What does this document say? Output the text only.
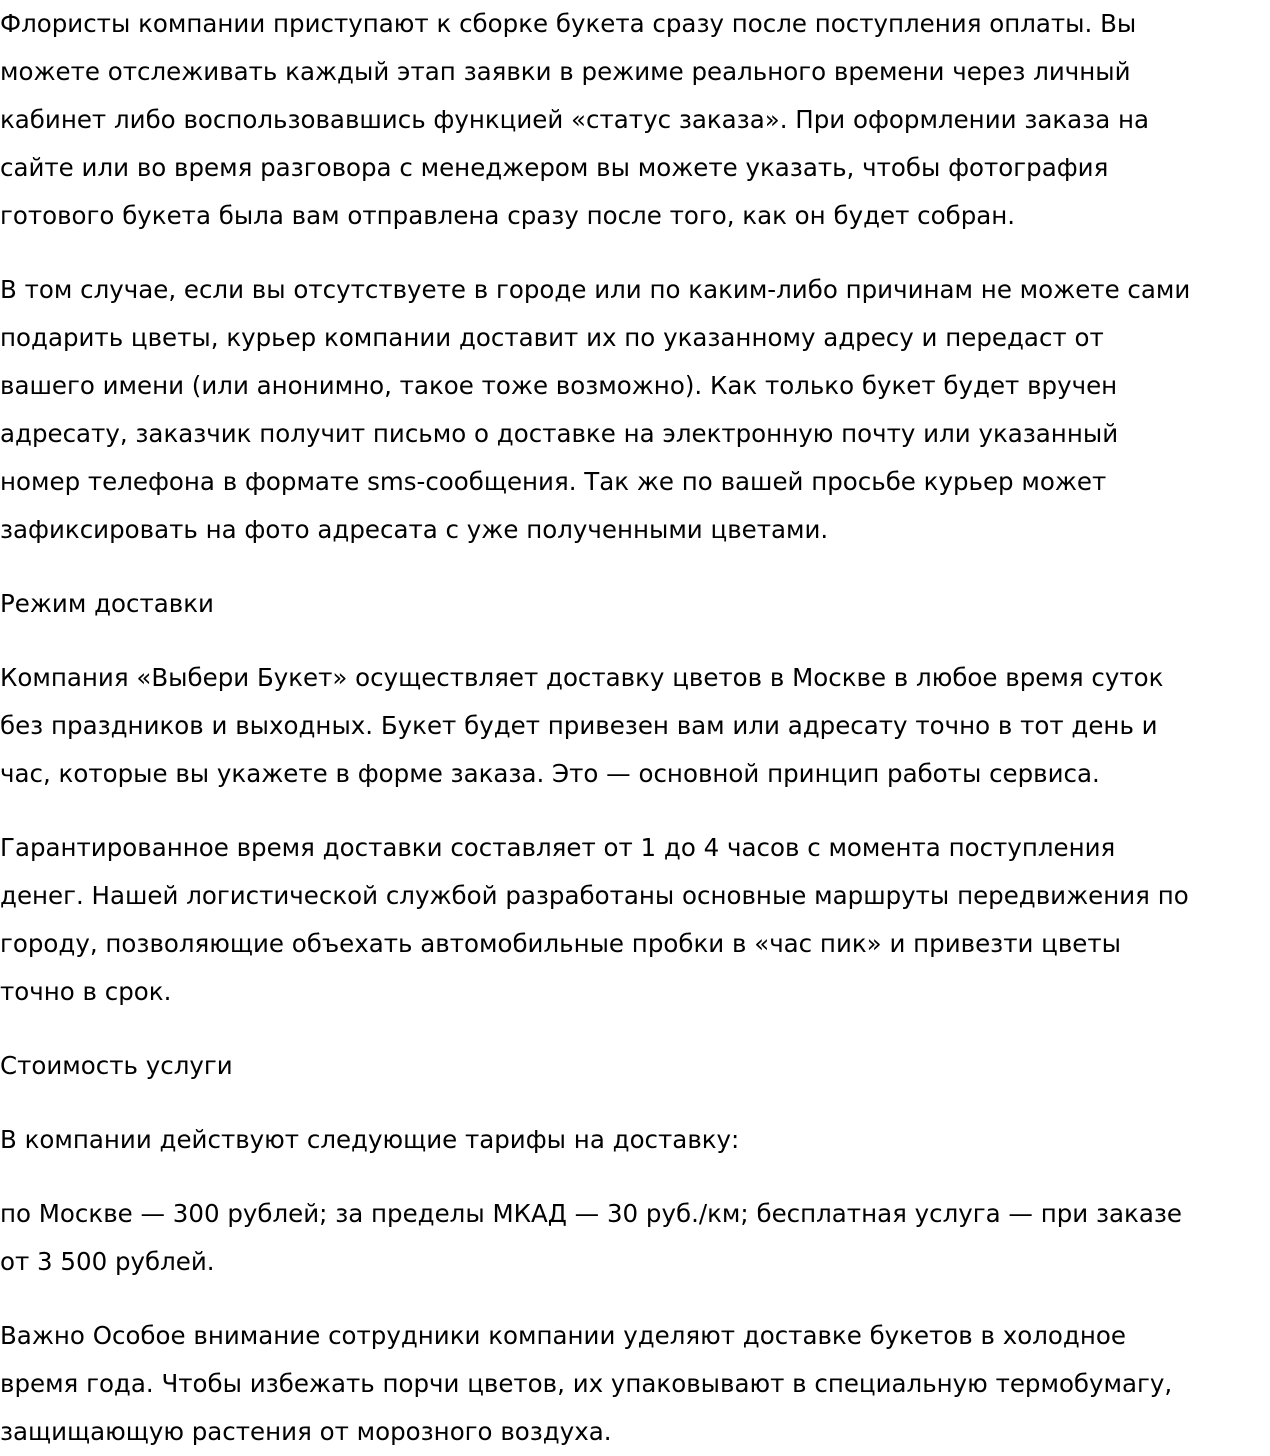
Флористы компании приступают к сборке букета сразу после поступления оплаты. Вы
можете отслеживать каждый этап заявки в режиме реального времени через личный
кабинет либо воспользовавшись функцией «статус заказа». При оформлении заказа на
сайте или во время разговора с менеджером вы можете указать, чтобы фотография
готового букета была вам отправлена сразу после того, как он будет собран.

В том случае, если вы отсутствуете в городе или по каким-либо причинам не можете сами
подарить цветы, курьер компании доставит их по указанному адресу и передаст от
вашего имени (или анонимно, такое тоже возможно). Как только букет будет вручен
адресату, заказчик получит письмо о доставке на электронную почту или указанный
номер телефона в формате sms-сообщения. Так же по вашей просьбе курьер может
зафиксировать на фото адресата с уже полученными цветами.

Режим доставки

Компания «Выбери Букет» осуществляет доставку цветов в Москве в любое время суток
без праздников и выходных. Букет будет привезен вам или адресату точно в тот день и
час, которые вы укажете в форме заказа. Это — основной принцип работы сервиса.

Гарантированное время доставки составляет от 1 до 4 часов с момента поступления
денег. Нашей логистической службой разработаны основные маршруты передвижения по
городу, позволяющие объехать автомобильные пробки в «час пик» и привезти цветы
точно в срок.

Стоимость услуги

В компании действуют следующие тарифы на доставку:

по Москве — 300 рублей; за пределы МКАД — 30 руб./км; бесплатная услуга — при заказе
от 3 500 рублей.

Важно Особое внимание сотрудники компании уделяют доставке букетов в холодное
время года. Чтобы избежать порчи цветов, их упаковывают в специальную термобумагу,
защищающую растения от морозного воздуха.
